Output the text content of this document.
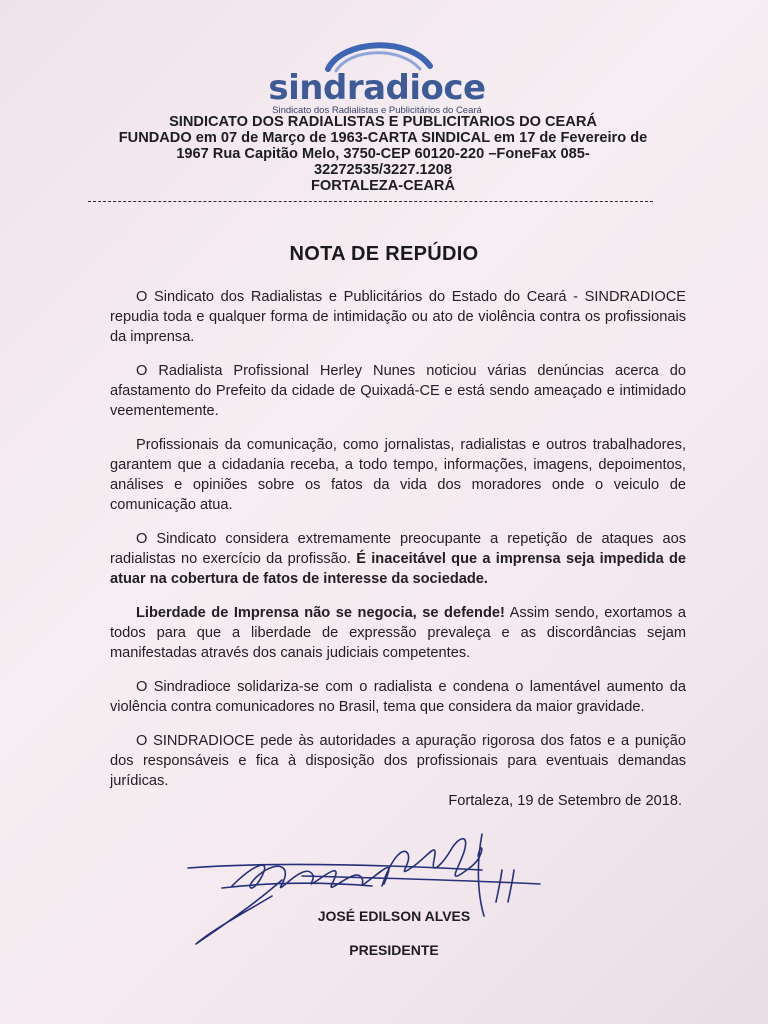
sindradioce
Sindicato dos Radialistas e Publicitários do Ceará
SINDICATO DOS RADIALISTAS E PUBLICITARIOS DO CEARÁ
FUNDADO em 07 de Março de 1963-CARTA SINDICAL em 17 de Fevereiro de
1967 Rua Capitão Melo, 3750-CEP 60120-220 –FoneFax 085-
32272535/3227.1208
FORTALEZA-CEARÁ
NOTA DE REPÚDIO

O Sindicato dos Radialistas e Publicitários do Estado do Ceará - SINDRADIOCE repudia toda e qualquer forma de intimidação ou ato de violência contra os profissionais da imprensa.

O Radialista Profissional Herley Nunes noticiou várias denúncias acerca do afastamento do Prefeito da cidade de Quixadá-CE e está sendo ameaçado e intimidado veementemente.

Profissionais da comunicação, como jornalistas, radialistas e outros trabalhadores, garantem que a cidadania receba, a todo tempo, informações, imagens, depoimentos, análises e opiniões sobre os fatos da vida dos moradores onde o veiculo de comunicação atua.

O Sindicato considera extremamente preocupante a repetição de ataques aos radialistas no exercício da profissão. É inaceitável que a imprensa seja impedida de atuar na cobertura de fatos de interesse da sociedade.

Liberdade de Imprensa não se negocia, se defende! Assim sendo, exortamos a todos para que a liberdade de expressão prevaleça e as discordâncias sejam manifestadas através dos canais judiciais competentes.

O Sindradioce solidariza-se com o radialista e condena o lamentável aumento da violência contra comunicadores no Brasil, tema que considera da maior gravidade.

O SINDRADIOCE pede às autoridades a apuração rigorosa dos fatos e a punição dos responsáveis e fica à disposição dos profissionais para eventuais demandas jurídicas.

Fortaleza, 19 de Setembro de 2018.
JOSÉ EDILSON ALVES
PRESIDENTE
